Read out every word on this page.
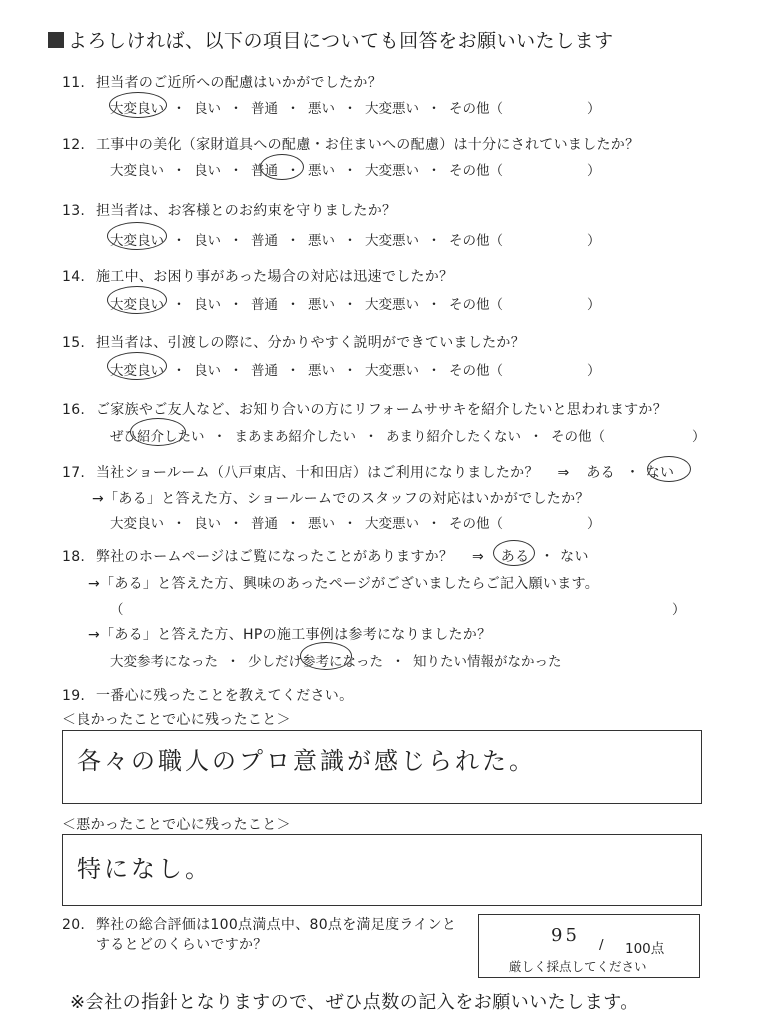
よろしければ、以下の項目についても回答をお願いいたします
11. 担当者のご近所への配慮はいかがでしたか？
大変良い ・ 良い ・ 普通 ・ 悪い ・ 大変悪い ・ その他（	）
12. 工事中の美化（家財道具への配慮・お住まいへの配慮）は十分にされていましたか？
大変良い ・ 良い ・ 普通 ・ 悪い ・ 大変悪い ・ その他（	）
13. 担当者は、お客様とのお約束を守りましたか？
大変良い ・ 良い ・ 普通 ・ 悪い ・ 大変悪い ・ その他（	）
14. 施工中、お困り事があった場合の対応は迅速でしたか？
大変良い ・ 良い ・ 普通 ・ 悪い ・ 大変悪い ・ その他（	）
15. 担当者は、引渡しの際に、分かりやすく説明ができていましたか？
大変良い ・ 良い ・ 普通 ・ 悪い ・ 大変悪い ・ その他（	）
16. ご家族やご友人など、お知り合いの方にリフォームササキを紹介したいと思われますか？
ぜひ紹介したい ・ まあまあ紹介したい ・ あまり紹介したくない ・ その他（	）
17. 当社ショールーム（八戸東店、十和田店）はご利用になりましたか？ ⇒ ある ・ ない
→「ある」と答えた方、ショールームでのスタッフの対応はいかがでしたか？
大変良い ・ 良い ・ 普通 ・ 悪い ・ 大変悪い ・ その他（	）
18. 弊社のホームページはご覧になったことがありますか？ ⇒ ある ・ ない
→「ある」と答えた方、興味のあったページがございましたらご記入願います。
（	）
→「ある」と答えた方、HPの施工事例は参考になりましたか？
大変参考になった ・ 少しだけ参考になった ・ 知りたい情報がなかった
19. 一番心に残ったことを教えてください。
＜良かったことで心に残ったこと＞
各々の職人のプロ意識が感じられた。
＜悪かったことで心に残ったこと＞
特になし。
20. 弊社の総合評価は100点満点中、80点を満足度ラインと
するとどのくらいですか？	95 / 100点
厳しく採点してください
※会社の指針となりますので、ぜひ点数の記入をお願いいたします。
